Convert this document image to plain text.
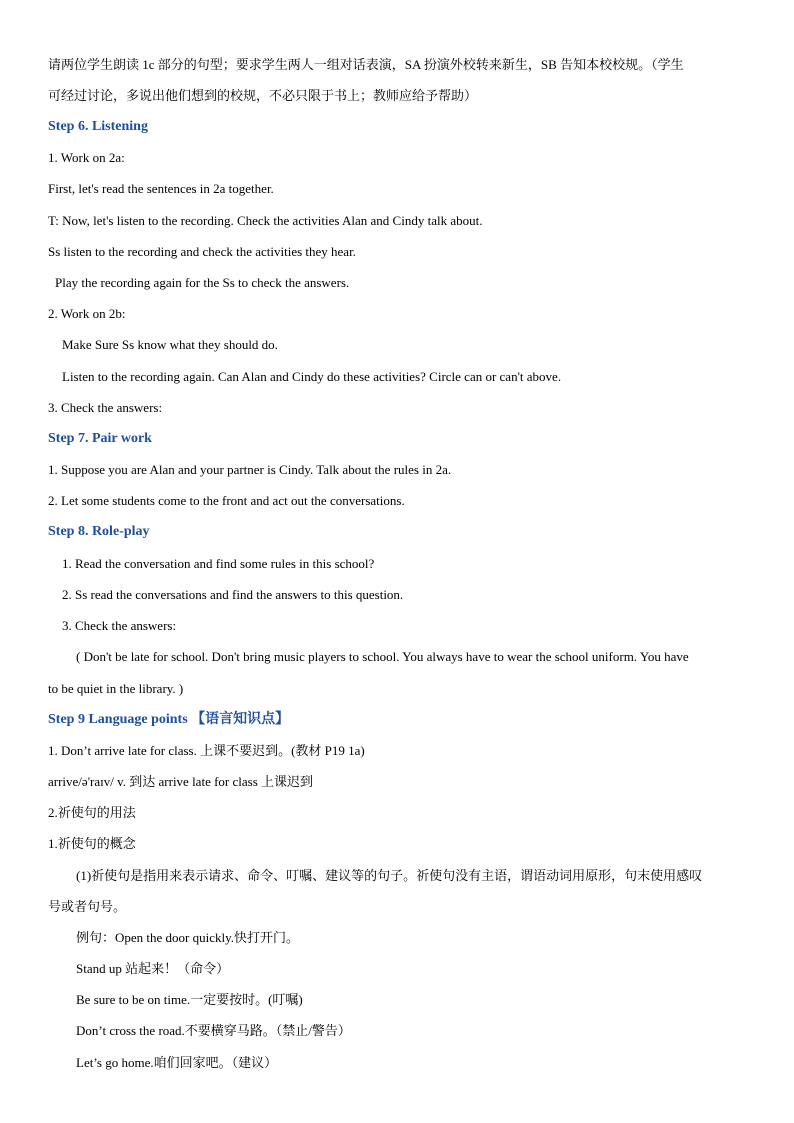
请两位学生朗读 1c 部分的句型；要求学生两人一组对话表演，SA 扮演外校转来新生，SB 告知本校校规。（学生
可经过讨论，多说出他们想到的校规，不必只限于书上；教师应给予帮助）
Step 6. Listening
1. Work on 2a:
First, let's read the sentences in 2a together.
T: Now, let's listen to the recording. Check the activities Alan and Cindy talk about.
Ss listen to the recording and check the activities they hear.
Play the recording again for the Ss to check the answers.
2. Work on 2b:
Make Sure Ss know what they should do.
Listen to the recording again. Can Alan and Cindy do these activities? Circle can or can't above.
3. Check the answers:
Step 7. Pair work
1. Suppose you are Alan and your partner is Cindy. Talk about the rules in 2a.
2. Let some students come to the front and act out the conversations.
Step 8. Role-play
1. Read the conversation and find some rules in this school?
2. Ss read the conversations and find the answers to this question.
3. Check the answers:
( Don't be late for school. Don't bring music players to school. You always have to wear the school uniform. You have
to be quiet in the library. )
Step 9 Language points 【语言知识点】
1. Don’t arrive late for class. 上课不要迟到。(教材 P19 1a)
arrive/ə'raɪv/ v. 到达 arrive late for class 上课迟到
2.祈使句的用法
1.祈使句的概念
(1)祈使句是指用来表示请求、命令、叮嘱、建议等的句子。祈使句没有主语，谓语动词用原形，句末使用感叹
号或者句号。
例句：Open the door quickly.快打开门。
Stand up 站起来！（命令）
Be sure to be on time.一定要按时。(叮嘱)
Don’t cross the road.不要横穿马路。（禁止/警告）
Let’s go home.咱们回家吧。（建议）
